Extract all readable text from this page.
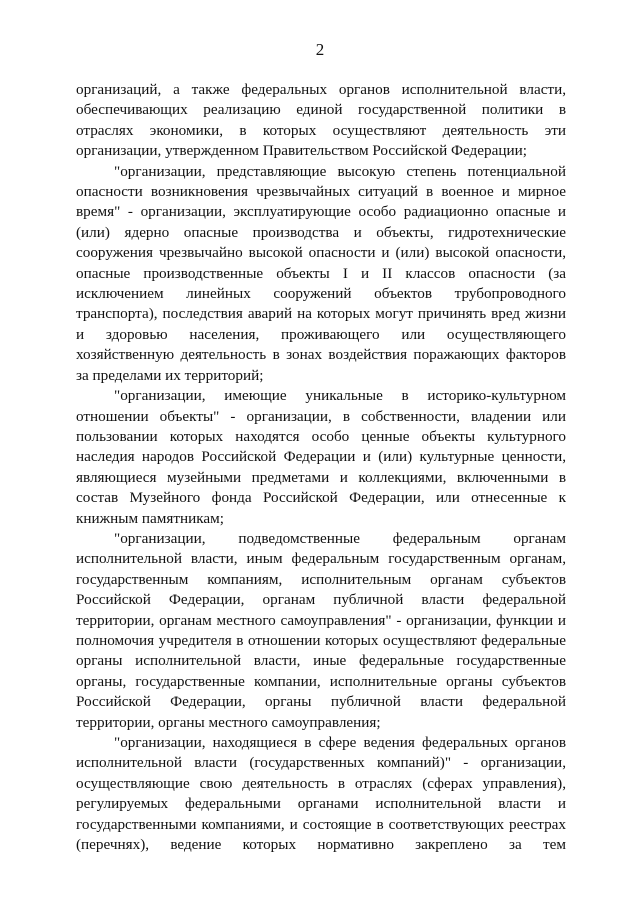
2

организаций, а также федеральных органов исполнительной власти, обеспечивающих реализацию единой государственной политики в отраслях экономики, в которых осуществляют деятельность эти организации, утвержденном Правительством Российской Федерации;

"организации, представляющие высокую степень потенциальной опасности возникновения чрезвычайных ситуаций в военное и мирное время" - организации, эксплуатирующие особо радиационно опасные и (или) ядерно опасные производства и объекты, гидротехнические сооружения чрезвычайно высокой опасности и (или) высокой опасности, опасные производственные объекты I и II классов опасности (за исключением линейных сооружений объектов трубопроводного транспорта), последствия аварий на которых могут причинять вред жизни и здоровью населения, проживающего или осуществляющего хозяйственную деятельность в зонах воздействия поражающих факторов за пределами их территорий;

"организации, имеющие уникальные в историко-культурном отношении объекты" - организации, в собственности, владении или пользовании которых находятся особо ценные объекты культурного наследия народов Российской Федерации и (или) культурные ценности, являющиеся музейными предметами и коллекциями, включенными в состав Музейного фонда Российской Федерации, или отнесенные к книжным памятникам;

"организации, подведомственные федеральным органам исполнительной власти, иным федеральным государственным органам, государственным компаниям, исполнительным органам субъектов Российской Федерации, органам публичной власти федеральной территории, органам местного самоуправления" - организации, функции и полномочия учредителя в отношении которых осуществляют федеральные органы исполнительной власти, иные федеральные государственные органы, государственные компании, исполнительные органы субъектов Российской Федерации, органы публичной власти федеральной территории, органы местного самоуправления;

"организации, находящиеся в сфере ведения федеральных органов исполнительной власти (государственных компаний)" - организации, осуществляющие свою деятельность в отраслях (сферах управления), регулируемых федеральными органами исполнительной власти и государственными компаниями, и состоящие в соответствующих реестрах (перечнях), ведение которых нормативно закреплено за тем
